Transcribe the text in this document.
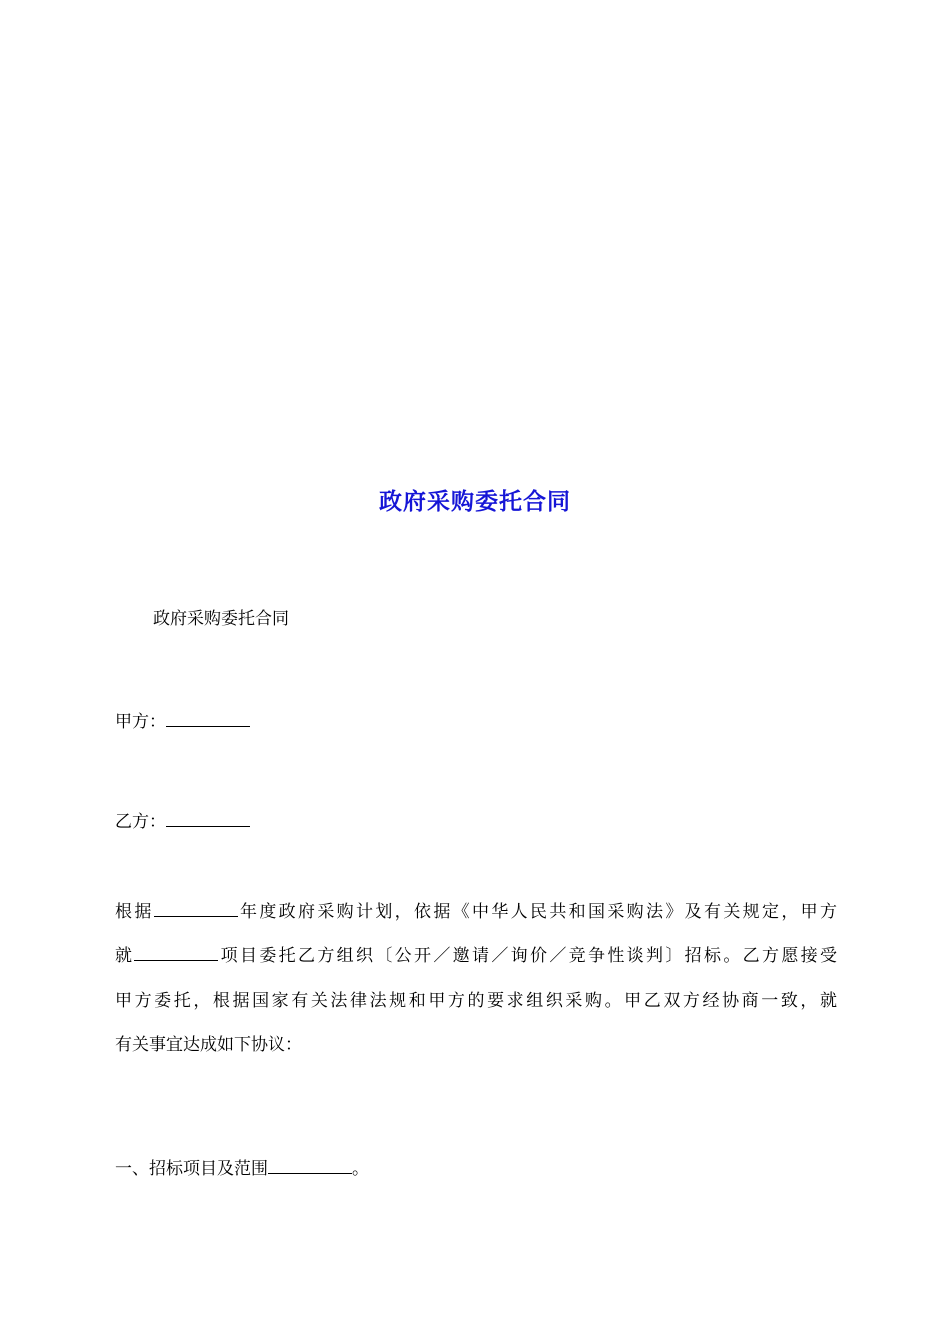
政府采购委托合同
政府采购委托合同
甲方：
乙方：
根据	年度政府采购计划，依据《中华人民共和国采购法》及有关规定，甲方
就	项目委托乙方组织〔公开／邀请／询价／竞争性谈判〕招标。乙方愿接受
甲方委托，根据国家有关法律法规和甲方的要求组织采购。甲乙双方经协商一致，就
有关事宜达成如下协议：
一、招标项目及范围	。
